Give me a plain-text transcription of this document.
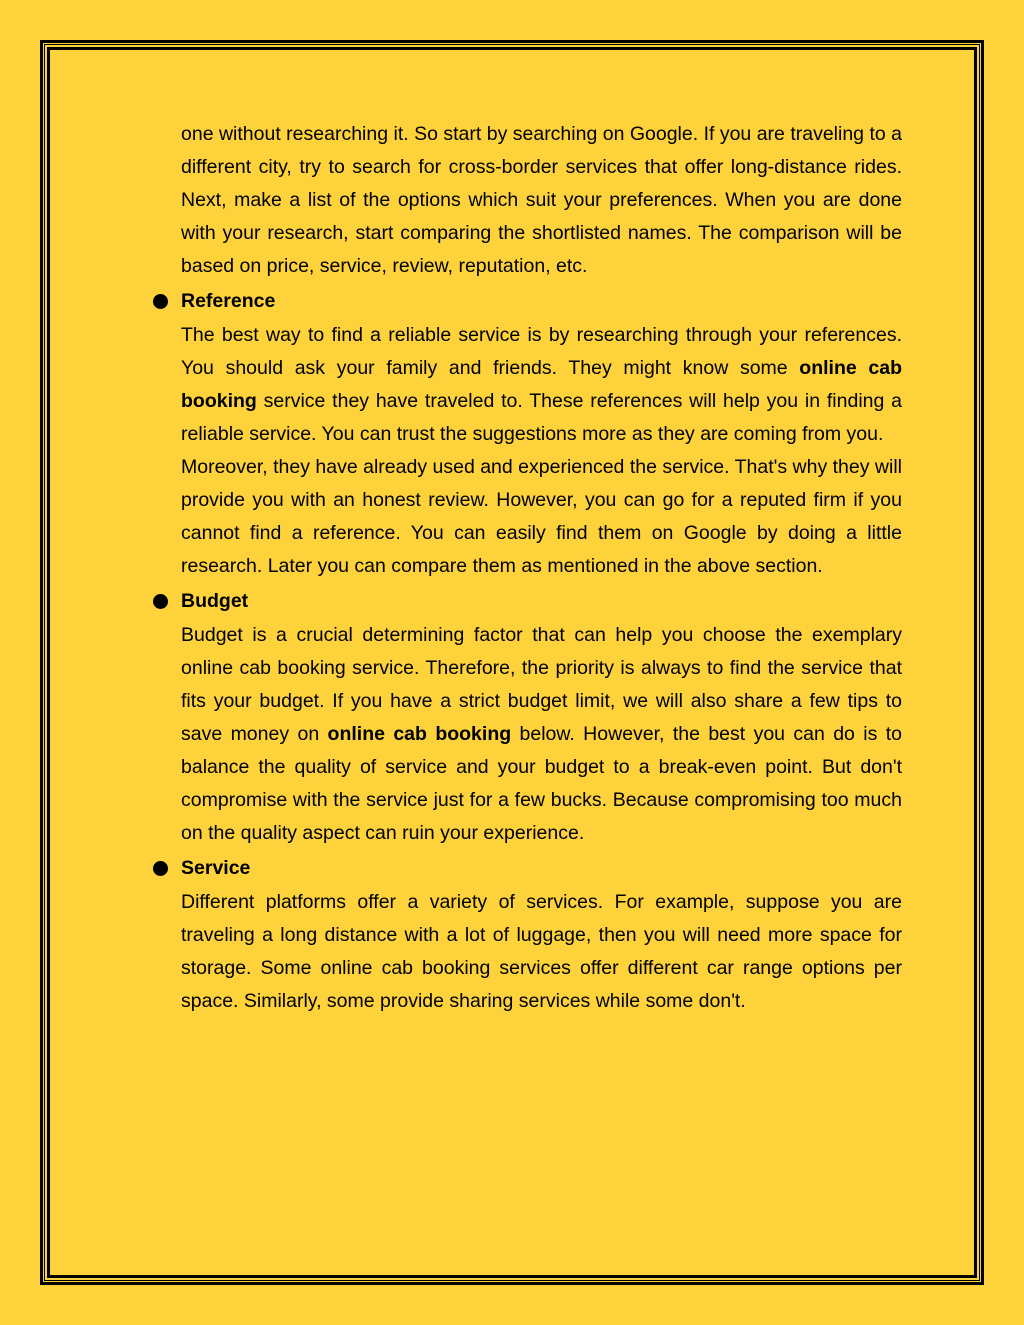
one without researching it. So start by searching on Google. If you are traveling to a different city, try to search for cross-border services that offer long-distance rides. Next, make a list of the options which suit your preferences. When you are done with your research, start comparing the shortlisted names. The comparison will be based on price, service, review, reputation, etc.

Reference

The best way to find a reliable service is by researching through your references. You should ask your family and friends. They might know some online cab booking service they have traveled to. These references will help you in finding a reliable service. You can trust the suggestions more as they are coming from you.

Moreover, they have already used and experienced the service. That's why they will provide you with an honest review. However, you can go for a reputed firm if you cannot find a reference. You can easily find them on Google by doing a little research. Later you can compare them as mentioned in the above section.

Budget

Budget is a crucial determining factor that can help you choose the exemplary online cab booking service. Therefore, the priority is always to find the service that fits your budget. If you have a strict budget limit, we will also share a few tips to save money on online cab booking below. However, the best you can do is to balance the quality of service and your budget to a break-even point. But don't compromise with the service just for a few bucks. Because compromising too much on the quality aspect can ruin your experience.

Service

Different platforms offer a variety of services. For example, suppose you are traveling a long distance with a lot of luggage, then you will need more space for storage. Some online cab booking services offer different car range options per space. Similarly, some provide sharing services while some don't.
